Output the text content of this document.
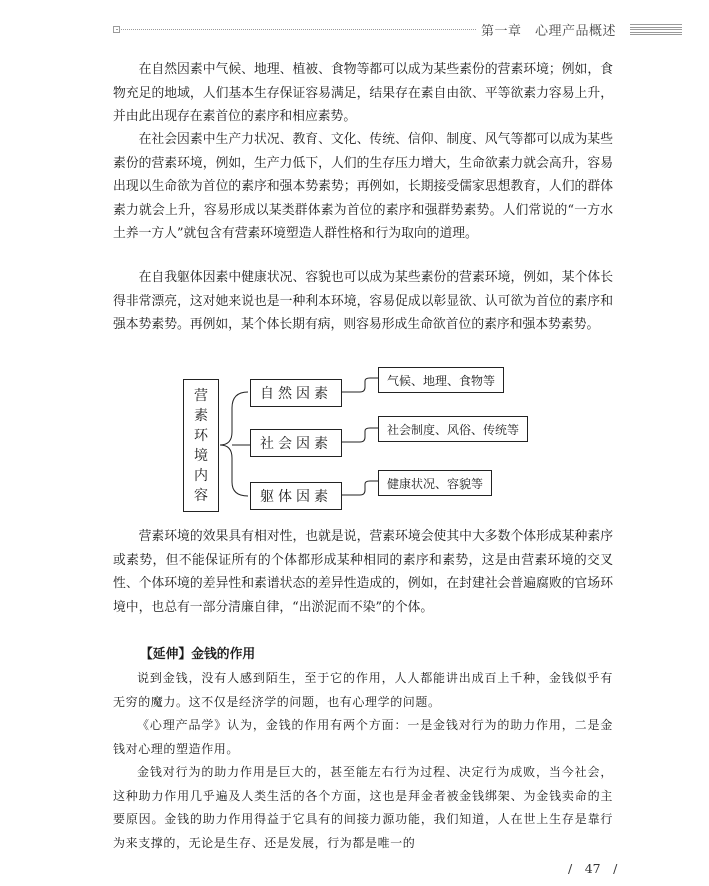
第一章　心理产品概述

在自然因素中气候、地理、植被、食物等都可以成为某些素份的营素环境；例如，食物充足的地域，人们基本生存保证容易满足，结果存在素自由欲、平等欲素力容易上升，并由此出现存在素首位的素序和相应素势。

在社会因素中生产力状况、教育、文化、传统、信仰、制度、风气等都可以成为某些素份的营素环境，例如，生产力低下，人们的生存压力增大，生命欲素力就会高升，容易出现以生命欲为首位的素序和强本势素势；再例如，长期接受儒家思想教育，人们的群体素力就会上升，容易形成以某类群体素为首位的素序和强群势素势。人们常说的“一方水土养一方人”就包含有营素环境塑造人群性格和行为取向的道理。

在自我躯体因素中健康状况、容貌也可以成为某些素份的营素环境，例如，某个体长得非常漂亮，这对她来说也是一种利本环境，容易促成以彰显欲、认可欲为首位的素序和强本势素势。再例如，某个体长期有病，则容易形成生命欲首位的素序和强本势素势。

营
素
环
境
内
容
自然因素
社会因素
躯体因素
气候、地理、食物等
社会制度、风俗、传统等
健康状况、容貌等

营素环境的效果具有相对性，也就是说，营素环境会使其中大多数个体形成某种素序或素势，但不能保证所有的个体都形成某种相同的素序和素势，这是由营素环境的交叉性、个体环境的差异性和素谱状态的差异性造成的，例如，在封建社会普遍腐败的官场环境中，也总有一部分清廉自律，“出淤泥而不染”的个体。

【延伸】金钱的作用

说到金钱，没有人感到陌生，至于它的作用，人人都能讲出成百上千种，金钱似乎有无穷的魔力。这不仅是经济学的问题，也有心理学的问题。

《心理产品学》认为，金钱的作用有两个方面：一是金钱对行为的助力作用，二是金钱对心理的塑造作用。

金钱对行为的助力作用是巨大的，甚至能左右行为过程、决定行为成败，当今社会，这种助力作用几乎遍及人类生活的各个方面，这也是拜金者被金钱绑架、为金钱卖命的主要原因。金钱的助力作用得益于它具有的间接力源功能，我们知道，人在世上生存是靠行为来支撑的，无论是生存、还是发展，行为都是唯一的

/　47　/
